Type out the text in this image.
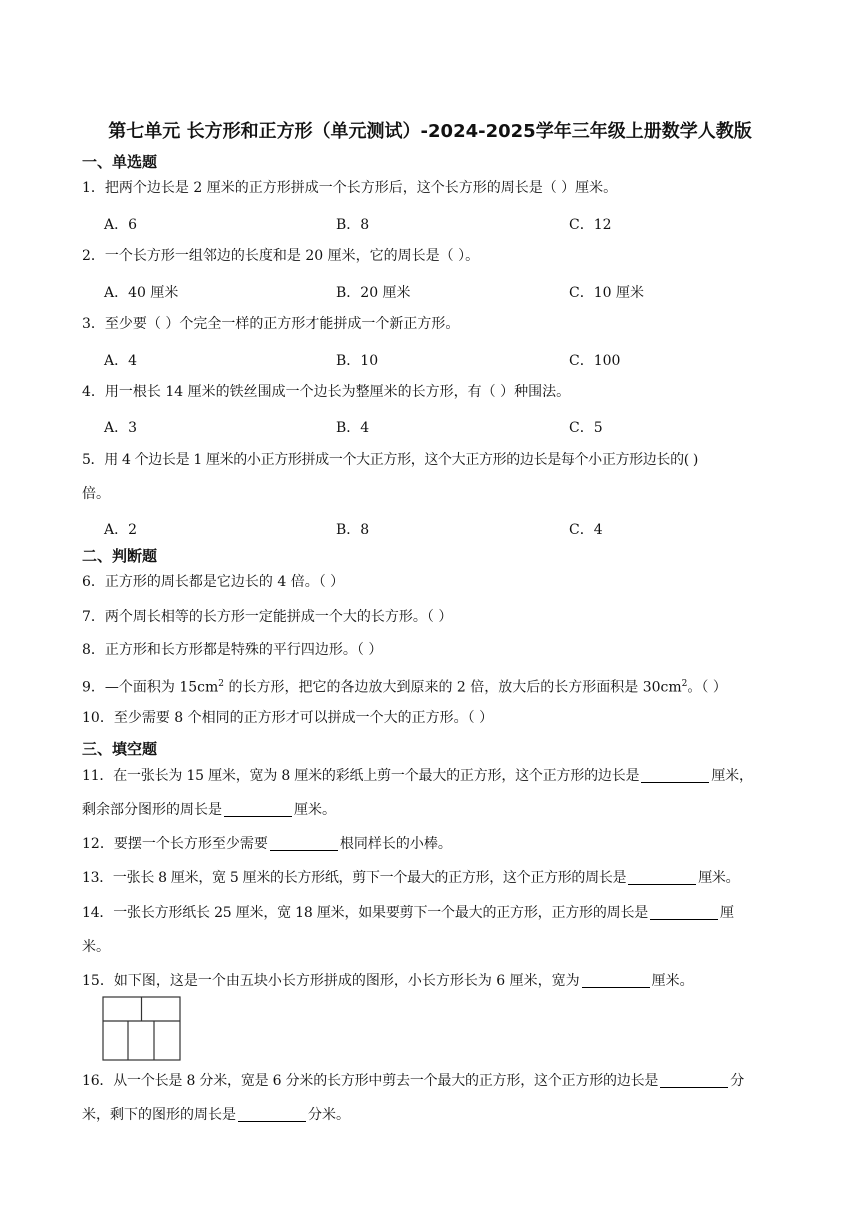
第七单元 长方形和正方形（单元测试）-2024-2025学年三年级上册数学人教版
一、单选题
1．把两个边长是 2 厘米的正方形拼成一个长方形后，这个长方形的周长是（ ）厘米。
A．6	B．8	C．12
2．一个长方形一组邻边的长度和是 20 厘米，它的周长是（ ）。
A．40 厘米	B．20 厘米	C．10 厘米
3．至少要（ ）个完全一样的正方形才能拼成一个新正方形。
A．4	B．10	C．100
4．用一根长 14 厘米的铁丝围成一个边长为整厘米的长方形，有（ ）种围法。
A．3	B．4	C．5
5．用 4 个边长是 1 厘米的小正方形拼成一个大正方形，这个大正方形的边长是每个小正方形边长的( )
倍。
A．2	B．8	C．4
二、判断题
6．正方形的周长都是它边长的 4 倍。（ ）
7．两个周长相等的长方形一定能拼成一个大的长方形。（ ）
8．正方形和长方形都是特殊的平行四边形。（ ）
9．—个面积为 $15cm^2$ 的长方形，把它的各边放大到原来的 2 倍，放大后的长方形面积是 $30cm^2$。（ ）
10．至少需要 8 个相同的正方形才可以拼成一个大的正方形。（ ）
三、填空题
11．在一张长为 15 厘米，宽为 8 厘米的彩纸上剪一个最大的正方形，这个正方形的边长是	厘米，
剩余部分图形的周长是	厘米。
12．要摆一个长方形至少需要	根同样长的小棒。
13．一张长 8 厘米，宽 5 厘米的长方形纸，剪下一个最大的正方形，这个正方形的周长是	厘米。
14．一张长方形纸长 25 厘米，宽 18 厘米，如果要剪下一个最大的正方形，正方形的周长是	厘
米。
15．如下图，这是一个由五块小长方形拼成的图形，小长方形长为 6 厘米，宽为	厘米。
16．从一个长是 8 分米，宽是 6 分米的长方形中剪去一个最大的正方形，这个正方形的边长是	分
米，剩下的图形的周长是	分米。
